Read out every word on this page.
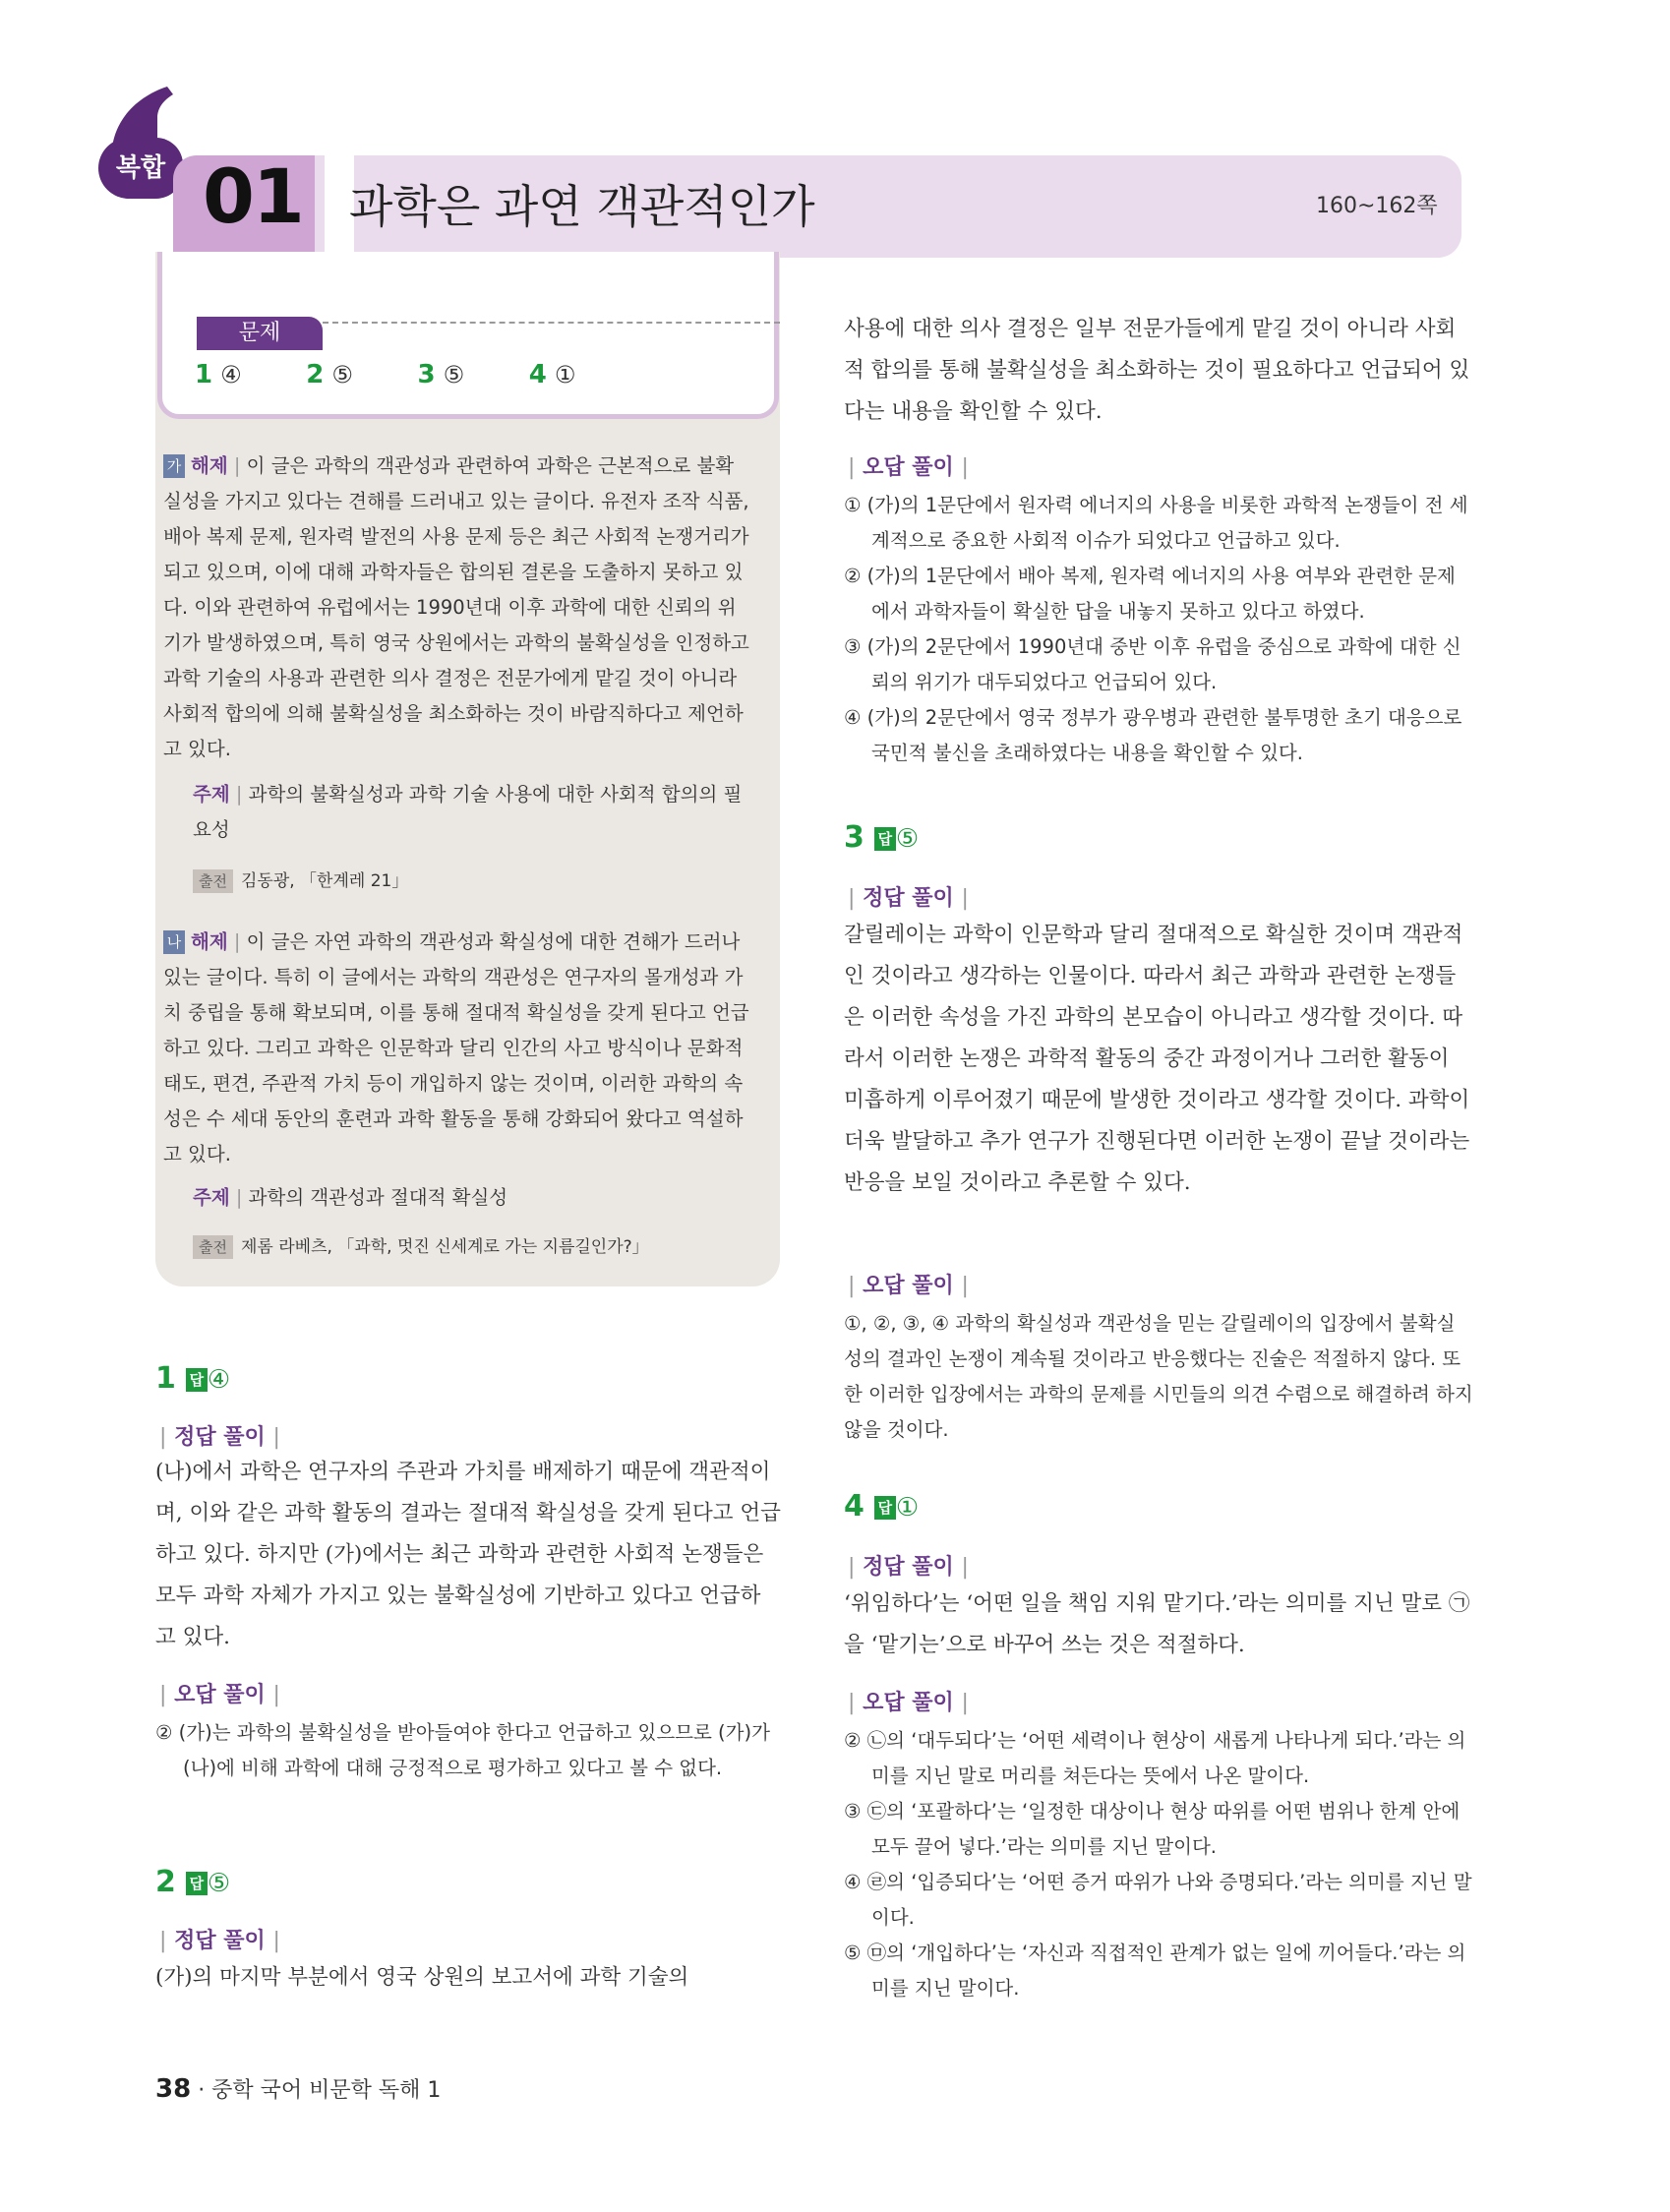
복합 01 과학은 과연 객관적인가	160~162쪽
문제
1 ④	2 ⑤	3 ⑤	4 ①
가 해제 | 이 글은 과학의 객관성과 관련하여 과학은 근본적으로 불확실성을 가지고 있다는 견해를 드러내고 있는 글이다. 유전자 조작 식품, 배아 복제 문제, 원자력 발전의 사용 문제 등은 최근 사회적 논쟁거리가 되고 있으며, 이에 대해 과학자들은 합의된 결론을 도출하지 못하고 있다. 이와 관련하여 유럽에서는 1990년대 이후 과학에 대한 신뢰의 위기가 발생하였으며, 특히 영국 상원에서는 과학의 불확실성을 인정하고 과학 기술의 사용과 관련한 의사 결정은 전문가에게 맡길 것이 아니라 사회적 합의에 의해 불확실성을 최소화하는 것이 바람직하다고 제언하고 있다.
주제 | 과학의 불확실성과 과학 기술 사용에 대한 사회적 합의의 필요성
출전 김동광, 「한계레 21」
나 해제 | 이 글은 자연 과학의 객관성과 확실성에 대한 견해가 드러나 있는 글이다. 특히 이 글에서는 과학의 객관성은 연구자의 몰개성과 가치 중립을 통해 확보되며, 이를 통해 절대적 확실성을 갖게 된다고 언급하고 있다. 그리고 과학은 인문학과 달리 인간의 사고 방식이나 문화적 태도, 편견, 주관적 가치 등이 개입하지 않는 것이며, 이러한 과학의 속성은 수 세대 동안의 훈련과 과학 활동을 통해 강화되어 왔다고 역설하고 있다.
주제 | 과학의 객관성과 절대적 확실성
출전 제롬 라베츠, 「과학, 멋진 신세계로 가는 지름길인가?」
1 답 ④
| 정답 풀이 |
(나)에서 과학은 연구자의 주관과 가치를 배제하기 때문에 객관적이며, 이와 같은 과학 활동의 결과는 절대적 확실성을 갖게 된다고 언급하고 있다. 하지만 (가)에서는 최근 과학과 관련한 사회적 논쟁들은 모두 과학 자체가 가지고 있는 불확실성에 기반하고 있다고 언급하고 있다.
| 오답 풀이 |
② (가)는 과학의 불확실성을 받아들여야 한다고 언급하고 있으므로 (가)가 (나)에 비해 과학에 대해 긍정적으로 평가하고 있다고 볼 수 없다.
2 답 ⑤
| 정답 풀이 |
(가)의 마지막 부분에서 영국 상원의 보고서에 과학 기술의
사용에 대한 의사 결정은 일부 전문가들에게 맡길 것이 아니라 사회적 합의를 통해 불확실성을 최소화하는 것이 필요하다고 언급되어 있다는 내용을 확인할 수 있다.
| 오답 풀이 |
① (가)의 1문단에서 원자력 에너지의 사용을 비롯한 과학적 논쟁들이 전 세계적으로 중요한 사회적 이슈가 되었다고 언급하고 있다.
② (가)의 1문단에서 배아 복제, 원자력 에너지의 사용 여부와 관련한 문제에서 과학자들이 확실한 답을 내놓지 못하고 있다고 하였다.
③ (가)의 2문단에서 1990년대 중반 이후 유럽을 중심으로 과학에 대한 신뢰의 위기가 대두되었다고 언급되어 있다.
④ (가)의 2문단에서 영국 정부가 광우병과 관련한 불투명한 초기 대응으로 국민적 불신을 초래하였다는 내용을 확인할 수 있다.
3 답 ⑤
| 정답 풀이 |
갈릴레이는 과학이 인문학과 달리 절대적으로 확실한 것이며 객관적인 것이라고 생각하는 인물이다. 따라서 최근 과학과 관련한 논쟁들은 이러한 속성을 가진 과학의 본모습이 아니라고 생각할 것이다. 따라서 이러한 논쟁은 과학적 활동의 중간 과정이거나 그러한 활동이 미흡하게 이루어졌기 때문에 발생한 것이라고 생각할 것이다. 과학이 더욱 발달하고 추가 연구가 진행된다면 이러한 논쟁이 끝날 것이라는 반응을 보일 것이라고 추론할 수 있다.
| 오답 풀이 |
①, ②, ③, ④ 과학의 확실성과 객관성을 믿는 갈릴레이의 입장에서 불확실성의 결과인 논쟁이 계속될 것이라고 반응했다는 진술은 적절하지 않다. 또한 이러한 입장에서는 과학의 문제를 시민들의 의견 수렴으로 해결하려 하지 않을 것이다.
4 답 ①
| 정답 풀이 |
‘위임하다’는 ‘어떤 일을 책임 지워 맡기다.’라는 의미를 지닌 말로 ㉠을 ‘맡기는’으로 바꾸어 쓰는 것은 적절하다.
| 오답 풀이 |
② ㉡의 ‘대두되다’는 ‘어떤 세력이나 현상이 새롭게 나타나게 되다.’라는 의미를 지닌 말로 머리를 쳐든다는 뜻에서 나온 말이다.
③ ㉢의 ‘포괄하다’는 ‘일정한 대상이나 현상 따위를 어떤 범위나 한계 안에 모두 끌어 넣다.’라는 의미를 지닌 말이다.
④ ㉣의 ‘입증되다’는 ‘어떤 증거 따위가 나와 증명되다.’라는 의미를 지닌 말이다.
⑤ ㉤의 ‘개입하다’는 ‘자신과 직접적인 관계가 없는 일에 끼어들다.’라는 의미를 지닌 말이다.
38 · 중학 국어 비문학 독해 1
